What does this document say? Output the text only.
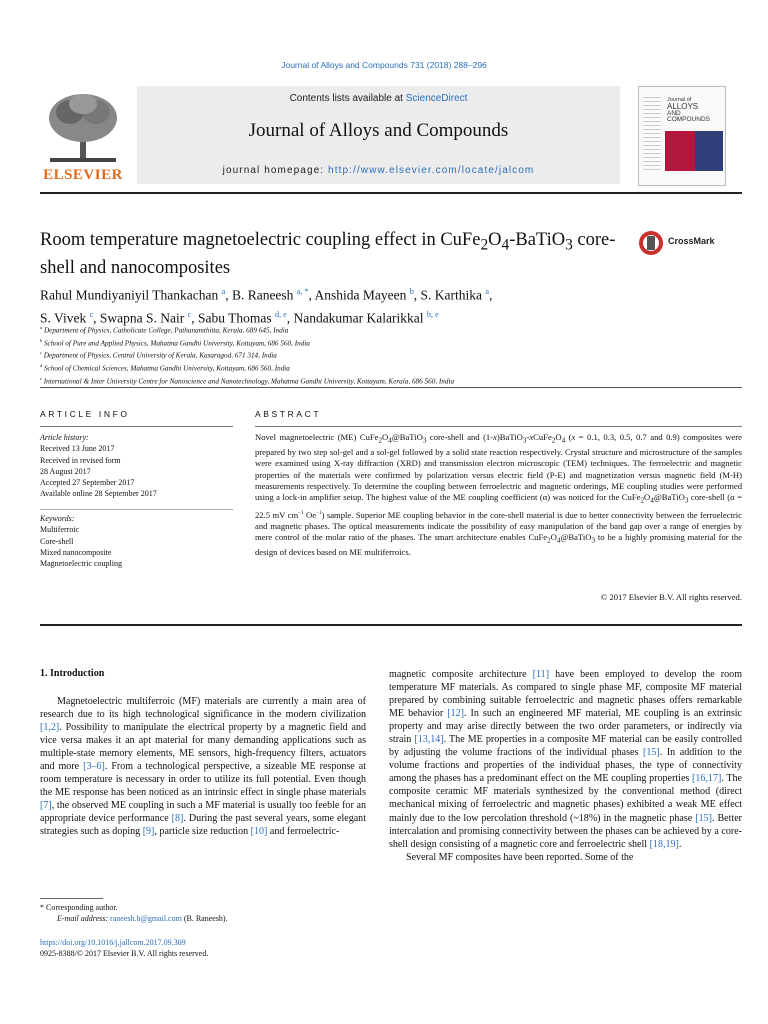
Journal of Alloys and Compounds 731 (2018) 288–296
ELSEVIER
Contents lists available at ScienceDirect
Journal of Alloys and Compounds
journal homepage: http://www.elsevier.com/locate/jalcom
Journal of
ALLOYS
AND COMPOUNDS
Room temperature magnetoelectric coupling effect in $CuFe_2O_4-BaTiO_3$ core-shell and nanocomposites
CrossMark
Rahul Mundiyaniyil Thankachan $^a$, B. Raneesh $^{a, *}$, Anshida Mayeen $^b$, S. Karthika $^a$,
S. Vivek $^c$, Swapna S. Nair $^c$, Sabu Thomas $^{d, e}$, Nandakumar Kalarikkal $^{b, e}$
$^a$ Department of Physics, Catholicate College, Pathanamthitta, Kerala, 689 645, India
$^b$ School of Pure and Applied Physics, Mahatma Gandhi University, Kottayam, 686 560, India
$^c$ Department of Physics, Central University of Kerala, Kasaragod, 671 314, India
$^d$ School of Chemical Sciences, Mahatma Gandhi University, Kottayam, 686 560, India
$^e$ International & Inter University Centre for Nanoscience and Nanotechnology, Mahatma Gandhi University, Kottayam, Kerala, 686 560, India
ARTICLE INFO	ABSTRACT
Article history:
Received 13 June 2017
Received in revised form
28 August 2017
Accepted 27 September 2017
Available online 28 September 2017
Keywords:
Multiferroic
Core-shell
Mixed nanocomposite
Magnetoelectric coupling
Novel magnetoelectric (ME) $CuFe_2O_4@BaTiO_3$ core-shell and $(1-x)BaTiO_3-xCuFe_2O_4$ (x = 0.1, 0.3, 0.5, 0.7 and 0.9) composites were prepared by two step sol-gel and a sol-gel followed by a solid state reaction respectively. Crystal structure and microstructure of the samples were examined using X-ray diffraction (XRD) and transmission electron microscopic (TEM) techniques. The ferroelectric and magnetic properties of the materials were confirmed by polarization versus electric field (P-E) and magnetization versus magnetic field (M-H) measurements respectively. To determine the coupling between ferroelectric and magnetic orderings, ME coupling studies were performed using a lock-in amplifier setup. The highest value of the ME coupling coefficient (α) was noticed for the $CuFe_2O_4@BaTiO_3$ core-shell (α = 22.5 mV $cm^{-1}$ $Oe^{-1}$) sample. Superior ME coupling behavior in the core-shell material is due to better connectivity between the ferroelectric and magnetic phases. The optical measurements indicate the possibility of easy manipulation of the band gap over a range of energies by mere control of the molar ratio of the phases. The smart architecture enables $CuFe_2O_4@BaTiO_3$ to be a highly promising material for the design of devices based on ME multiferroics.
© 2017 Elsevier B.V. All rights reserved.
1. Introduction

Magnetoelectric multiferroic (MF) materials are currently a main area of research due to its high technological significance in the modern civilization [1,2]. Possibility to manipulate the electrical property by a magnetic field and vice versa makes it an apt material for many demanding applications such as multiple-state memory elements, ME sensors, high-frequency filters, actuators and more [3–6]. From a technological perspective, a sizeable ME response at room temperature is necessary in order to utilize its full potential. Even though the ME response has been noticed as an intrinsic effect in single phase materials [7], the observed ME coupling in such a MF material is usually too feeble for an appropriate device performance [8]. During the past several years, some elegant strategies such as doping [9], particle size reduction [10] and ferroelectric-

magnetic composite architecture [11] have been employed to develop the room temperature MF materials. As compared to single phase MF, composite MF material prepared by combining suitable ferroelectric and magnetic phases offers remarkable ME behavior [12]. In such an engineered MF material, ME coupling is an extrinsic property and may arise directly between the two order parameters, or indirectly via strain [13,14]. The ME properties in a composite MF material can be easily controlled by adjusting the volume fractions of the individual phases [15]. In addition to the volume fractions and properties of the individual phases, the type of connectivity among the phases has a predominant effect on the ME coupling properties [16,17]. The composite ceramic MF materials synthesized by the conventional method (direct mechanical mixing of ferroelectric and magnetic phases) exhibited a weak ME effect mainly due to the low percolation threshold (~18%) in the magnetic phase [15]. Better intercalation and promising connectivity between the phases can be achieved by a core-shell design consisting of a magnetic core and ferroelectric shell [18,19].

Several MF composites have been reported. Some of the

* Corresponding author.
E-mail address: raneesh.b@gmail.com (B. Raneesh).
https://doi.org/10.1016/j.jallcom.2017.09.309
0925-8388/© 2017 Elsevier B.V. All rights reserved.
